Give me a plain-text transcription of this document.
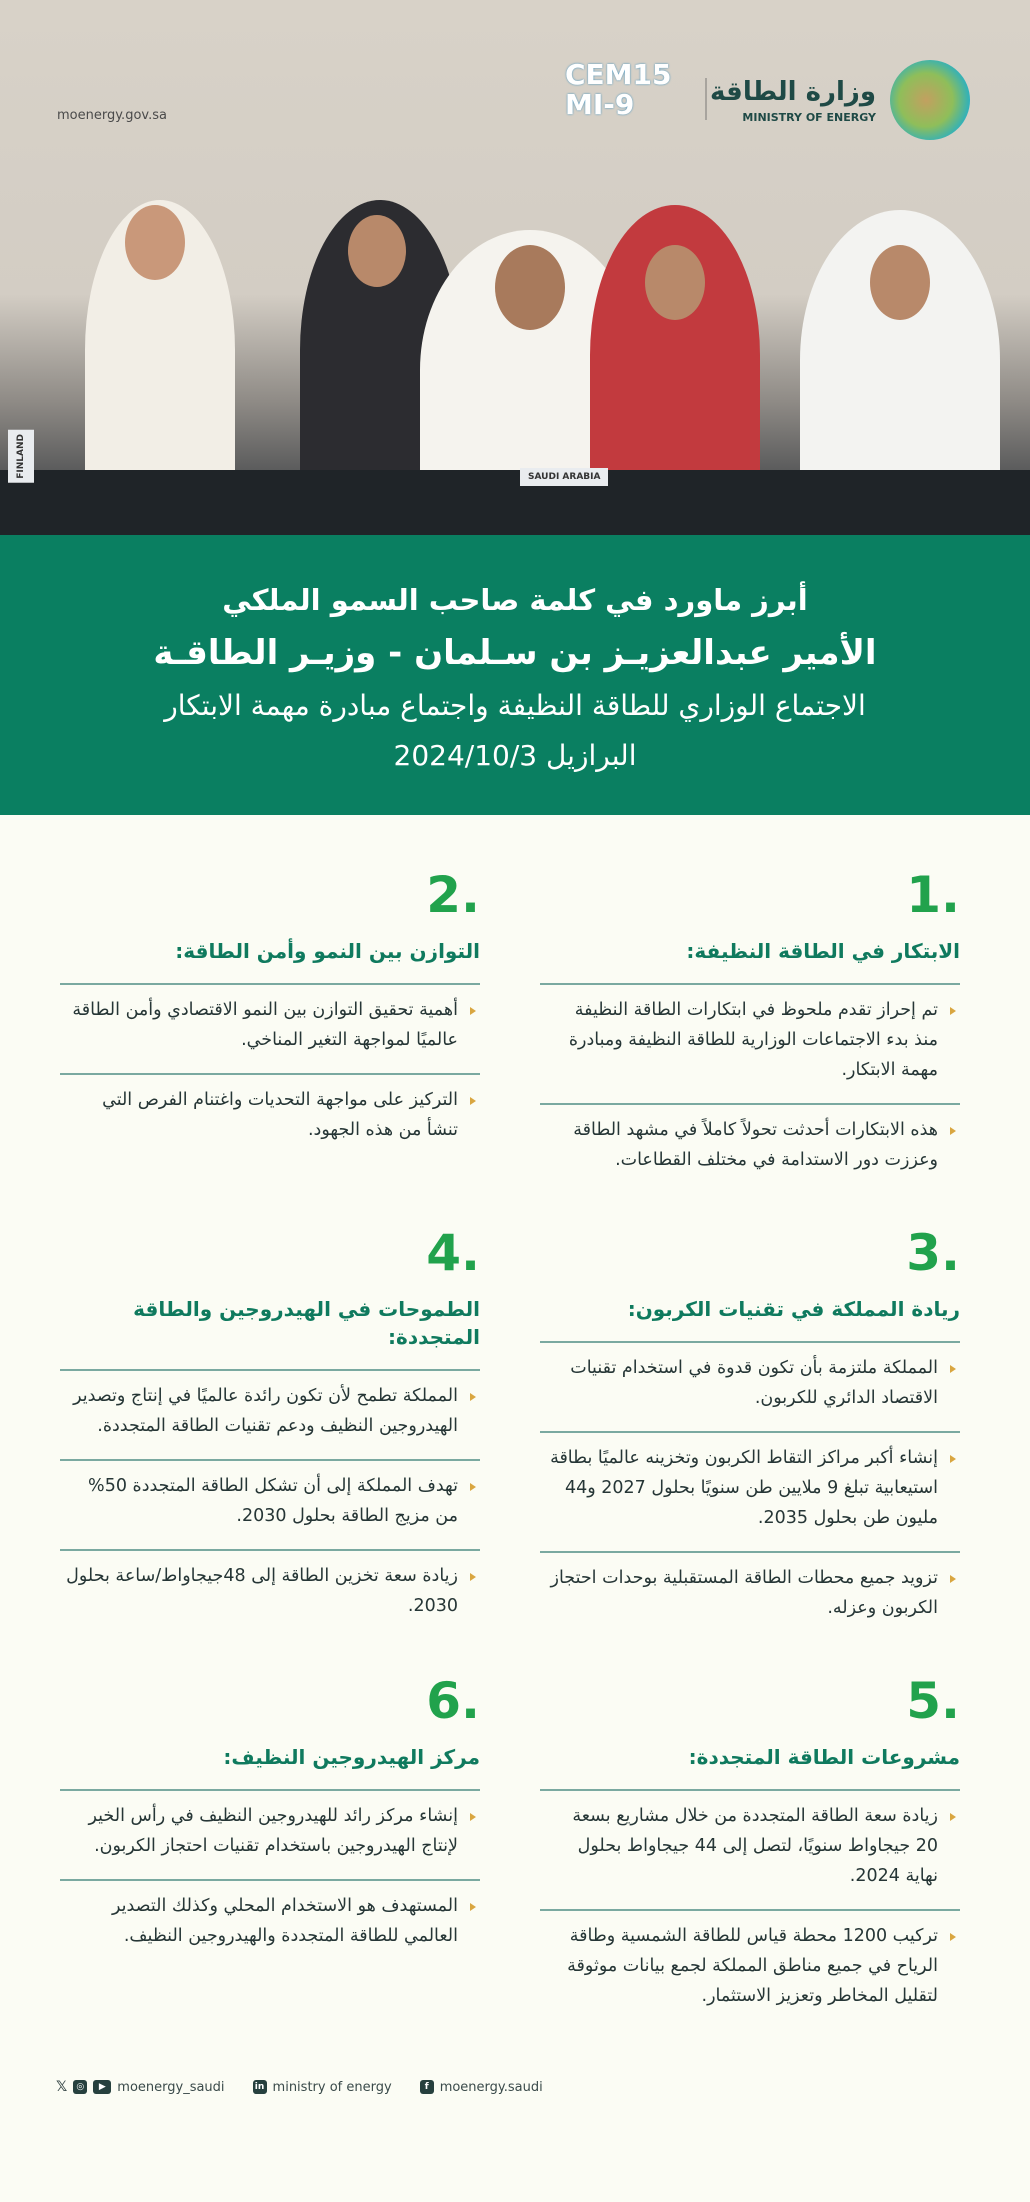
SAUDI ARABIA
FINLAND
moenergy.gov.sa
CEM15
MI-9	وزارة الطاقة
MINISTRY OF ENERGY
أبرز ماورد في كلمة صاحب السمو الملكي
الأمير عبدالعزيـز بن سـلمان - وزيـر الطاقـة
الاجتماع الوزاري للطاقة النظيفة واجتماع مبادرة مهمة الابتكار
البرازيل 2024/10/3
.1
الابتكار في الطاقة النظيفة:
تم إحراز تقدم ملحوظ في ابتكارات الطاقة النظيفة منذ بدء الاجتماعات الوزارية للطاقة النظيفة ومبادرة مهمة الابتكار.
هذه الابتكارات أحدثت تحولاً كاملاً في مشهد الطاقة وعززت دور الاستدامة في مختلف القطاعات.
.2
التوازن بين النمو وأمن الطاقة:
أهمية تحقيق التوازن بين النمو الاقتصادي وأمن الطاقة عالميًا لمواجهة التغير المناخي.
التركيز على مواجهة التحديات واغتنام الفرص التي تنشأ من هذه الجهود.
.3
ريادة المملكة في تقنيات الكربون:
المملكة ملتزمة بأن تكون قدوة في استخدام تقنيات الاقتصاد الدائري للكربون.
إنشاء أكبر مراكز التقاط الكربون وتخزينه عالميًا بطاقة استيعابية تبلغ 9 ملايين طن سنويًا بحلول 2027 و44 مليون طن بحلول 2035.
تزويد جميع محطات الطاقة المستقبلية بوحدات احتجاز الكربون وعزله.
.4
الطموحات في الهيدروجين والطاقة المتجددة:
المملكة تطمح لأن تكون رائدة عالميًا في إنتاج وتصدير الهيدروجين النظيف ودعم تقنيات الطاقة المتجددة.
تهدف المملكة إلى أن تشكل الطاقة المتجددة 50% من مزيج الطاقة بحلول 2030.
زيادة سعة تخزين الطاقة إلى 48جيجاواط/ساعة بحلول 2030.
.5
مشروعات الطاقة المتجددة:
زيادة سعة الطاقة المتجددة من خلال مشاريع بسعة 20 جيجاواط سنويًا، لتصل إلى 44 جيجاواط بحلول نهاية 2024.
تركيب 1200 محطة قياس للطاقة الشمسية وطاقة الرياح في جميع مناطق المملكة لجمع بيانات موثوقة لتقليل المخاطر وتعزيز الاستثمار.
.6
مركز الهيدروجين النظيف:
إنشاء مركز رائد للهيدروجين النظيف في رأس الخير لإنتاج الهيدروجين باستخدام تقنيات احتجاز الكربون.
المستهدف هو الاستخدام المحلي وكذلك التصدير العالمي للطاقة المتجددة والهيدروجين النظيف.
𝕏	◎	▶ moenergy_saudi	in ministry of energy	f moenergy.saudi
